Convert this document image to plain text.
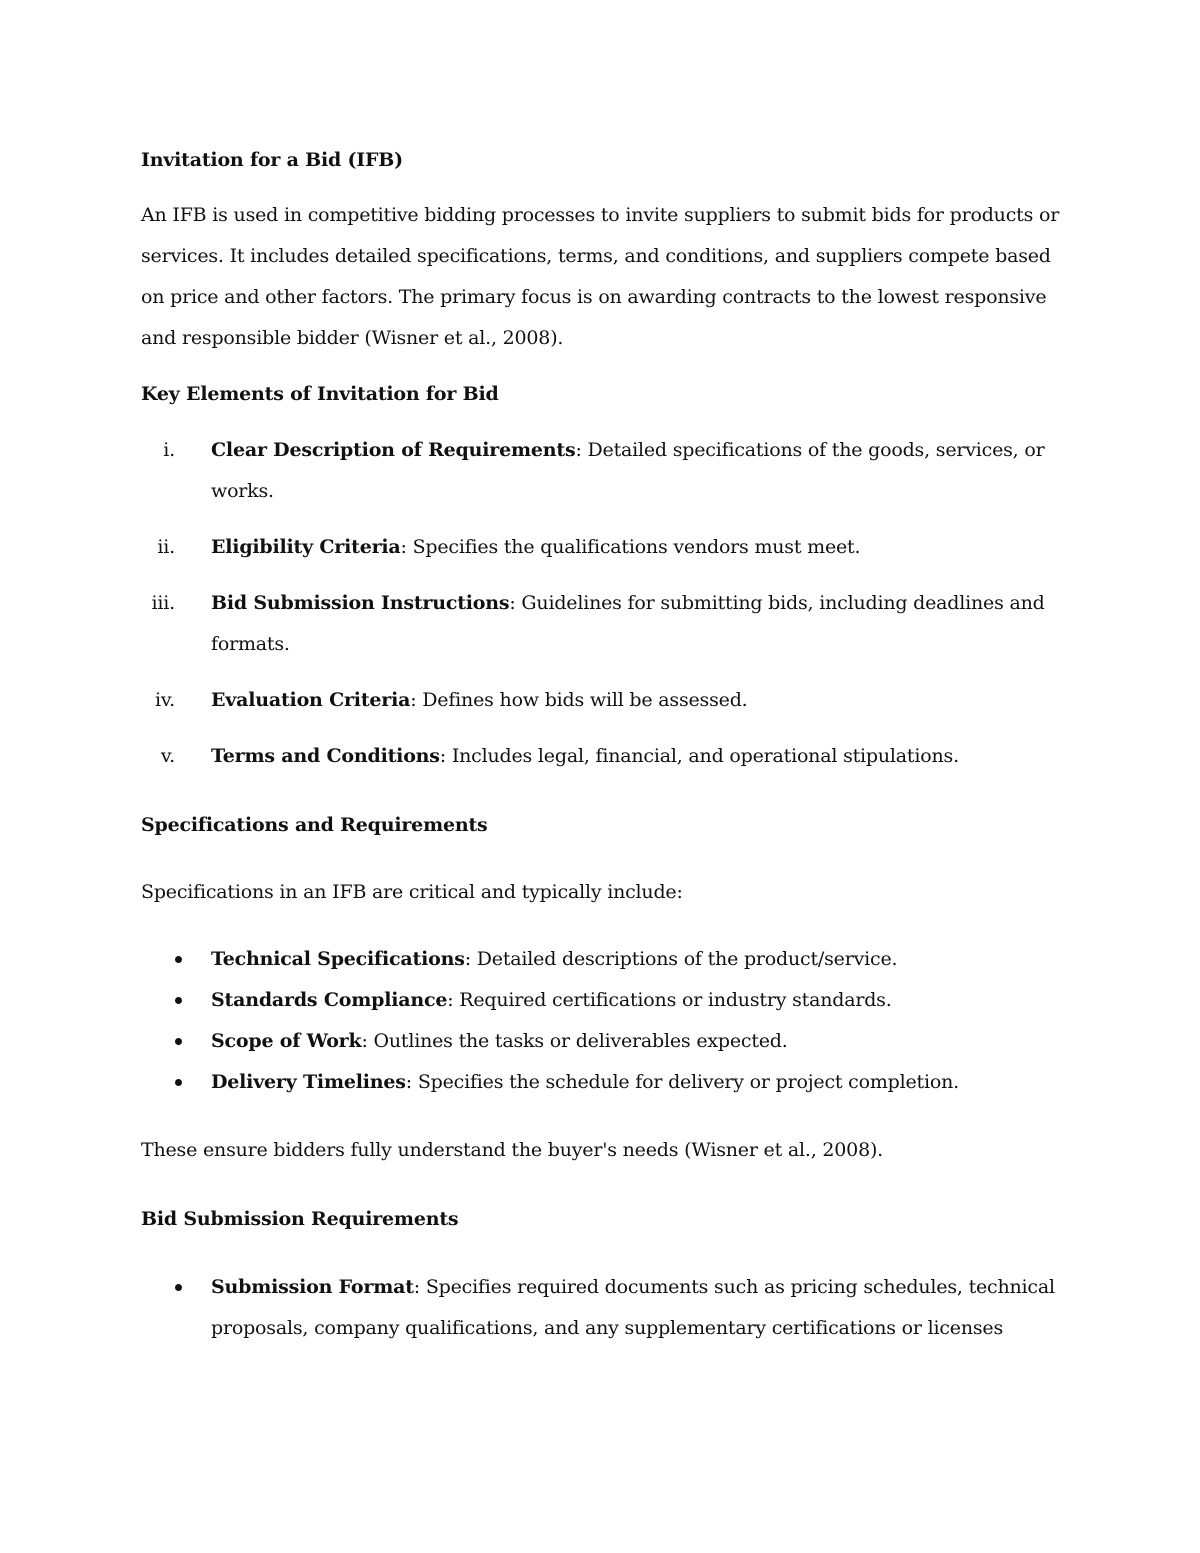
Invitation for a Bid (IFB)

An IFB is used in competitive bidding processes to invite suppliers to submit bids for products or services. It includes detailed specifications, terms, and conditions, and suppliers compete based on price and other factors. The primary focus is on awarding contracts to the lowest responsive and responsible bidder (Wisner et al., 2008).

Key Elements of Invitation for Bid

i. Clear Description of Requirements: Detailed specifications of the goods, services, or works.
ii. Eligibility Criteria: Specifies the qualifications vendors must meet.
iii. Bid Submission Instructions: Guidelines for submitting bids, including deadlines and formats.
iv. Evaluation Criteria: Defines how bids will be assessed.
v. Terms and Conditions: Includes legal, financial, and operational stipulations.

Specifications and Requirements

Specifications in an IFB are critical and typically include:

Technical Specifications: Detailed descriptions of the product/service.
Standards Compliance: Required certifications or industry standards.
Scope of Work: Outlines the tasks or deliverables expected.
Delivery Timelines: Specifies the schedule for delivery or project completion.

These ensure bidders fully understand the buyer's needs (Wisner et al., 2008).

Bid Submission Requirements

Submission Format: Specifies required documents such as pricing schedules, technical proposals, company qualifications, and any supplementary certifications or licenses
